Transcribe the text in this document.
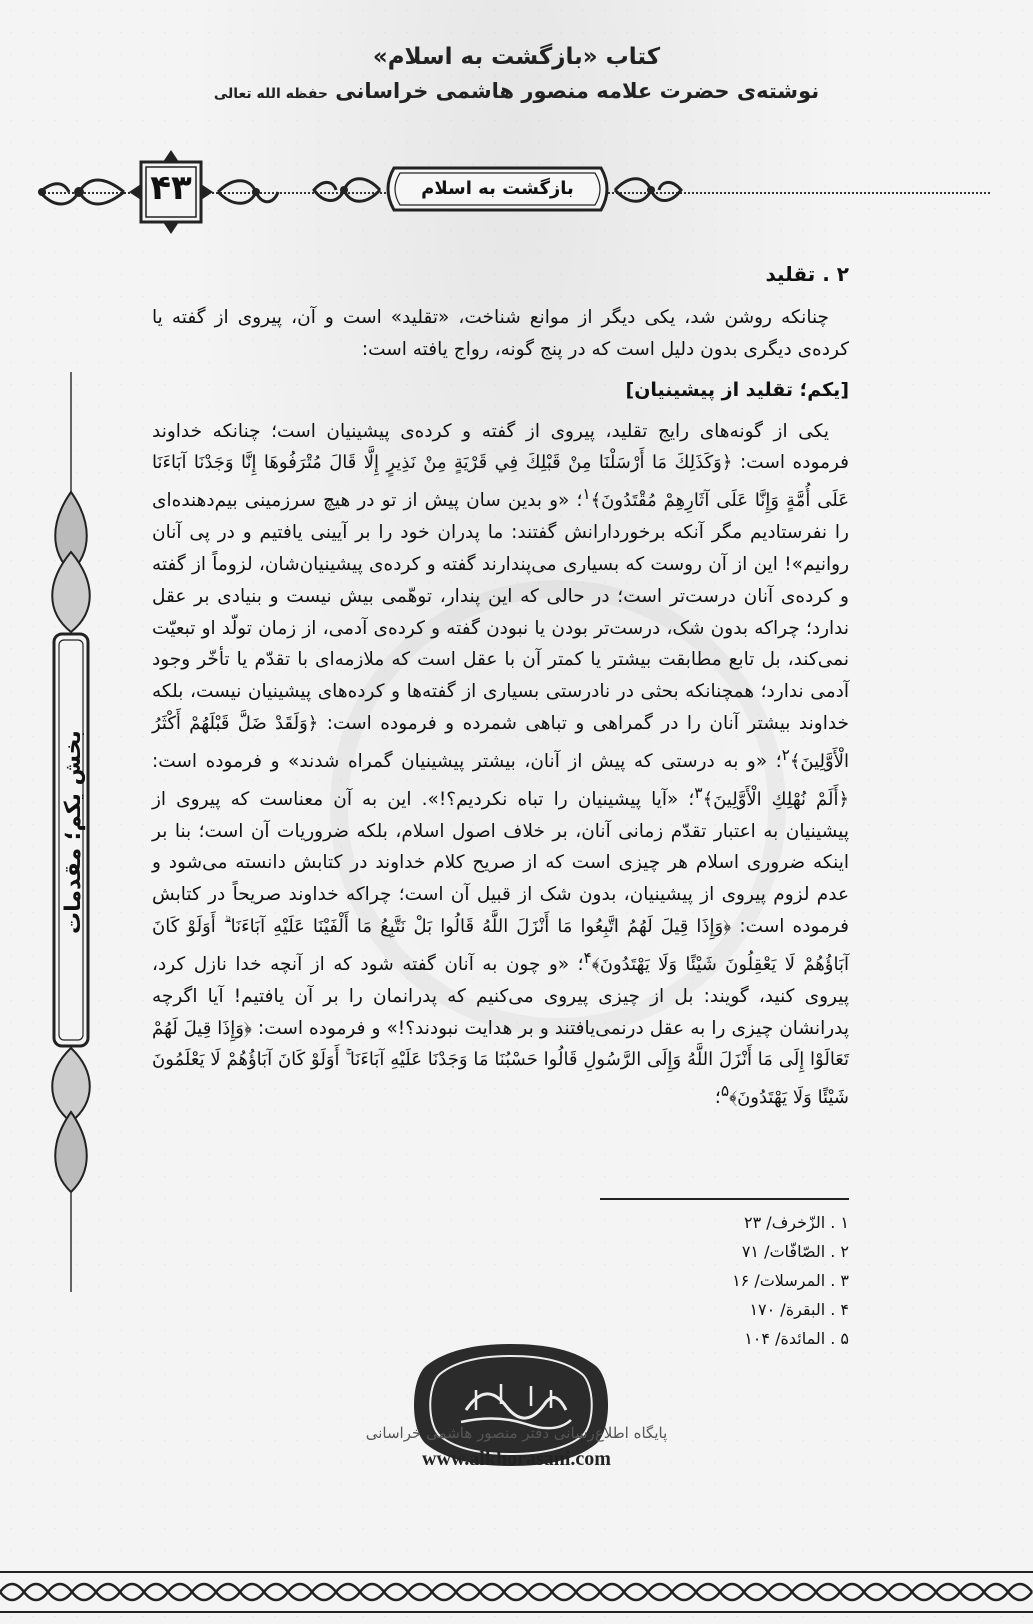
کتاب «بازگشت به اسلام»
نوشته‌ی حضرت علامه منصور هاشمی خراسانی حفظه الله تعالی
۴۳	بازگشت به اسلام
بخش یکم؛ مقدمات
۲ . تقلید

چنانکه روشن شد، یکی دیگر از موانع شناخت، «تقلید» است و آن، پیروی از گفته یا کرده‌ی دیگری بدون دلیل است که در پنج گونه، رواج یافته است:

[یکم؛ تقلید از پیشینیان]

یکی از گونه‌های رایج تقلید، پیروی از گفته و کرده‌ی پیشینیان است؛ چنانکه خداوند فرموده است: ﴿وَكَذَلِكَ مَا أَرْسَلْنَا مِنْ قَبْلِكَ فِي قَرْيَةٍ مِنْ نَذِيرٍ إِلَّا قَالَ مُتْرَفُوهَا إِنَّا وَجَدْنَا آبَاءَنَا عَلَى أُمَّةٍ وَإِنَّا عَلَى آثَارِهِمْ مُقْتَدُونَ﴾$^۱$؛ «و بدین سان پیش از تو در هیچ سرزمینی بیم‌دهنده‌ای را نفرستادیم مگر آنکه برخوردارانش گفتند: ما پدران خود را بر آیینی یافتیم و در پی آنان روانیم»! این از آن روست که بسیاری می‌پندارند گفته و کرده‌ی پیشینیان‌شان، لزوماً از گفته و کرده‌ی آنان درست‌تر است؛ در حالی که این پندار، توهّمی بیش نیست و بنیادی بر عقل ندارد؛ چراکه بدون شک، درست‌تر بودن یا نبودن گفته و کرده‌ی آدمی، از زمان تولّد او تبعیّت نمی‌کند، بل تابع مطابقت بیشتر یا کمتر آن با عقل است که ملازمه‌ای با تقدّم یا تأخّر وجود آدمی ندارد؛ همچنانکه بحثی در نادرستی بسیاری از گفته‌ها و کرده‌های پیشینیان نیست، بلکه خداوند بیشتر آنان را در گمراهی و تباهی شمرده و فرموده است: ﴿وَلَقَدْ ضَلَّ قَبْلَهُمْ أَكْثَرُ الْأَوَّلِينَ﴾$^۲$؛ «و به درستی که پیش از آنان، بیشتر پیشینیان گمراه شدند» و فرموده است: ﴿أَلَمْ نُهْلِكِ الْأَوَّلِينَ﴾$^۳$؛ «آیا پیشینیان را تباه نکردیم؟!». این به آن معناست که پیروی از پیشینیان به اعتبار تقدّم زمانی آنان، بر خلاف اصول اسلام، بلکه ضروریات آن است؛ بنا بر اینکه ضروری اسلام هر چیزی است که از صریح کلام خداوند در کتابش دانسته می‌شود و عدم لزوم پیروی از پیشینیان، بدون شک از قبیل آن است؛ چراکه خداوند صریحاً در کتابش فرموده است: ﴿وَإِذَا قِيلَ لَهُمُ اتَّبِعُوا مَا أَنْزَلَ اللَّهُ قَالُوا بَلْ نَتَّبِعُ مَا أَلْفَيْنَا عَلَيْهِ آبَاءَنَا ۗ أَوَلَوْ كَانَ آبَاؤُهُمْ لَا يَعْقِلُونَ شَيْئًا وَلَا يَهْتَدُونَ﴾$^۴$؛ «و چون به آنان گفته شود که از آنچه خدا نازل کرد، پیروی کنید، گویند: بل از چیزی پیروی می‌کنیم که پدرانمان را بر آن یافتیم! آیا اگرچه پدرانشان چیزی را به عقل درنمی‌یافتند و بر هدایت نبودند؟!» و فرموده است: ﴿وَإِذَا قِيلَ لَهُمْ تَعَالَوْا إِلَى مَا أَنْزَلَ اللَّهُ وَإِلَى الرَّسُولِ قَالُوا حَسْبُنَا مَا وَجَدْنَا عَلَيْهِ آبَاءَنَا ۚ أَوَلَوْ كَانَ آبَاؤُهُمْ لَا يَعْلَمُونَ شَيْئًا وَلَا يَهْتَدُونَ﴾$^۵$؛

۱ . الزّخرف/ ۲۳
۲ . الصّافّات/ ۷۱
۳ . المرسلات/ ۱۶
۴ . البقرة/ ۱۷۰
۵ . المائدة/ ۱۰۴
پایگاه اطلاع‌رسانی دفتر منصور هاشمی خراسانی
www.alkhorasani.com
